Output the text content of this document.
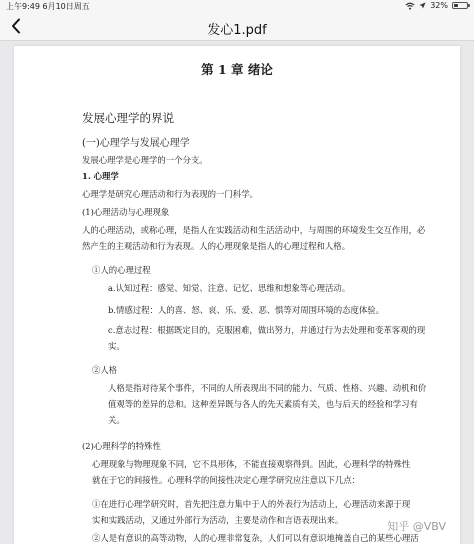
上午9:49 6月10日周五	32%
发心1.pdf
第 1 章 绪论
发展心理学的界说
(一)心理学与发展心理学
发展心理学是心理学的一个分支。
1. 心理学
心理学是研究心理活动和行为表现的一门科学。
(1)心理活动与心理现象
人的心理活动，或称心理，是指人在实践活动和生活活动中，与周围的环境发生交互作用，必
然产生的主观活动和行为表现。人的心理现象是指人的心理过程和人格。
①人的心理过程
a.认知过程：感觉、知觉、注意、记忆、思维和想象等心理活动。
b.情感过程：人的喜、怒、哀、乐、爱、恶、惧等对周围环境的态度体验。
c.意志过程：根据既定目的，克服困难，做出努力，并通过行为去处理和变革客观的现
实。
②人格
人格是指对待某个事件，不同的人所表现出不同的能力、气质、性格、兴趣、动机和价
值观等的差异的总和。这种差异既与各人的先天素质有关，也与后天的经验和学习有
关。
(2)心理科学的特殊性
心理现象与物理现象不同，它不具形体，不能直接观察得到。因此，心理科学的特殊性
就在于它的间接性。心理科学的间接性决定心理学研究应注意以下几点：
①在进行心理学研究时，首先把注意力集中于人的外表行为活动上，心理活动来源于现
实和实践活动，又通过外部行为活动，主要是动作和言语表现出来。
②人是有意识的高等动物，人的心理非常复杂，人们可以有意识地掩盖自己的某些心理活
知乎 @VBV
